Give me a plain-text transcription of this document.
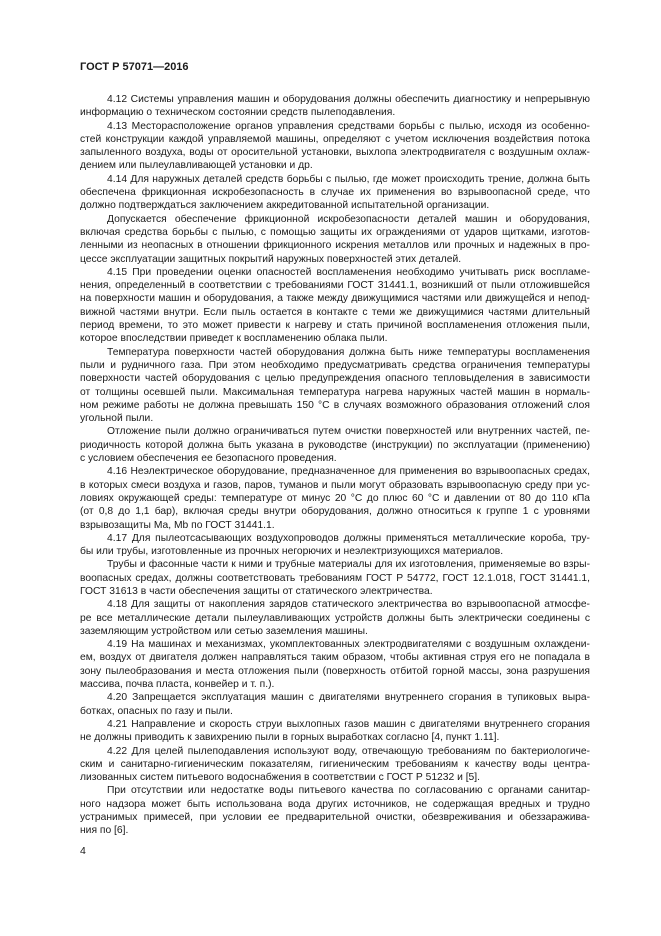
ГОСТ Р 57071—2016
4.12 Системы управления машин и оборудования должны обеспечить диагностику и непрерывную
информацию о техническом состоянии средств пылеподавления.
4.13 Месторасположение органов управления средствами борьбы с пылью, исходя из особенно-
стей конструкции каждой управляемой машины, определяют с учетом исключения воздействия потока
запыленного воздуха, воды от оросительной установки, выхлопа электродвигателя с воздушным охлаж-
дением или пылеулавливающей установки и др.
4.14 Для наружных деталей средств борьбы с пылью, где может происходить трение, должна быть
обеспечена фрикционная искробезопасность в случае их применения во взрывоопасной среде, что
должно подтверждаться заключением аккредитованной испытательной организации.
Допускается обеспечение фрикционной искробезопасности деталей машин и оборудования,
включая средства борьбы с пылью, с помощью защиты их ограждениями от ударов щитками, изготов-
ленными из неопасных в отношении фрикционного искрения металлов или прочных и надежных в про-
цессе эксплуатации защитных покрытий наружных поверхностей этих деталей.
4.15 При проведении оценки опасностей воспламенения необходимо учитывать риск воспламе-
нения, определенный в соответствии с требованиями ГОСТ 31441.1, возникший от пыли отложившейся
на поверхности машин и оборудования, а также между движущимися частями или движущейся и непод-
вижной частями внутри. Если пыль остается в контакте с теми же движущимися частями длительный
период времени, то это может привести к нагреву и стать причиной воспламенения отложения пыли,
которое впоследствии приведет к воспламенению облака пыли.
Температура поверхности частей оборудования должна быть ниже температуры воспламенения
пыли и рудничного газа. При этом необходимо предусматривать средства ограничения температуры
поверхности частей оборудования с целью предупреждения опасного тепловыделения в зависимости
от толщины осевшей пыли. Максимальная температура нагрева наружных частей машин в нормаль-
ном режиме работы не должна превышать 150 °С в случаях возможного образования отложений слоя
угольной пыли.
Отложение пыли должно ограничиваться путем очистки поверхностей или внутренних частей, пе-
риодичность которой должна быть указана в руководстве (инструкции) по эксплуатации (применению)
с условием обеспечения ее безопасного проведения.
4.16 Неэлектрическое оборудование, предназначенное для применения во взрывоопасных средах,
в которых смеси воздуха и газов, паров, туманов и пыли могут образовать взрывоопасную среду при ус-
ловиях окружающей среды: температуре от минус 20 °С до плюс 60 °С и давлении от 80 до 110 кПа
(от 0,8 до 1,1 бар), включая среды внутри оборудования, должно относиться к группе 1 с уровнями
взрывозащиты Ма, Mb по ГОСТ 31441.1.
4.17 Для пылеотсасывающих воздухопроводов должны применяться металлические короба, тру-
бы или трубы, изготовленные из прочных негорючих и неэлектризующихся материалов.
Трубы и фасонные части к ними и трубные материалы для их изготовления, применяемые во взры-
воопасных средах, должны соответствовать требованиям ГОСТ Р 54772, ГОСТ 12.1.018, ГОСТ 31441.1,
ГОСТ 31613 в части обеспечения защиты от статического электричества.
4.18 Для защиты от накопления зарядов статического электричества во взрывоопасной атмосфе-
ре все металлические детали пылеулавливающих устройств должны быть электрически соединены с
заземляющим устройством или сетью заземления машины.
4.19 На машинах и механизмах, укомплектованных электродвигателями с воздушным охлаждени-
ем, воздух от двигателя должен направляться таким образом, чтобы активная струя его не попадала в
зону пылеобразования и места отложения пыли (поверхность отбитой горной массы, зона разрушения
массива, почва пласта, конвейер и т. п.).
4.20 Запрещается эксплуатация машин с двигателями внутреннего сгорания в тупиковых выра-
ботках, опасных по газу и пыли.
4.21 Направление и скорость струи выхлопных газов машин с двигателями внутреннего сгорания
не должны приводить к завихрению пыли в горных выработках согласно [4, пункт 1.11].
4.22 Для целей пылеподавления используют воду, отвечающую требованиям по бактериологиче-
ским и санитарно-гигиеническим показателям, гигиеническим требованиям к качеству воды центра-
лизованных систем питьевого водоснабжения в соответствии с ГОСТ Р 51232 и [5].
При отсутствии или недостатке воды питьевого качества по согласованию с органами санитар-
ного надзора может быть использована вода других источников, не содержащая вредных и трудно
устранимых примесей, при условии ее предварительной очистки, обезвреживания и обеззаражива-
ния по [6].
4
